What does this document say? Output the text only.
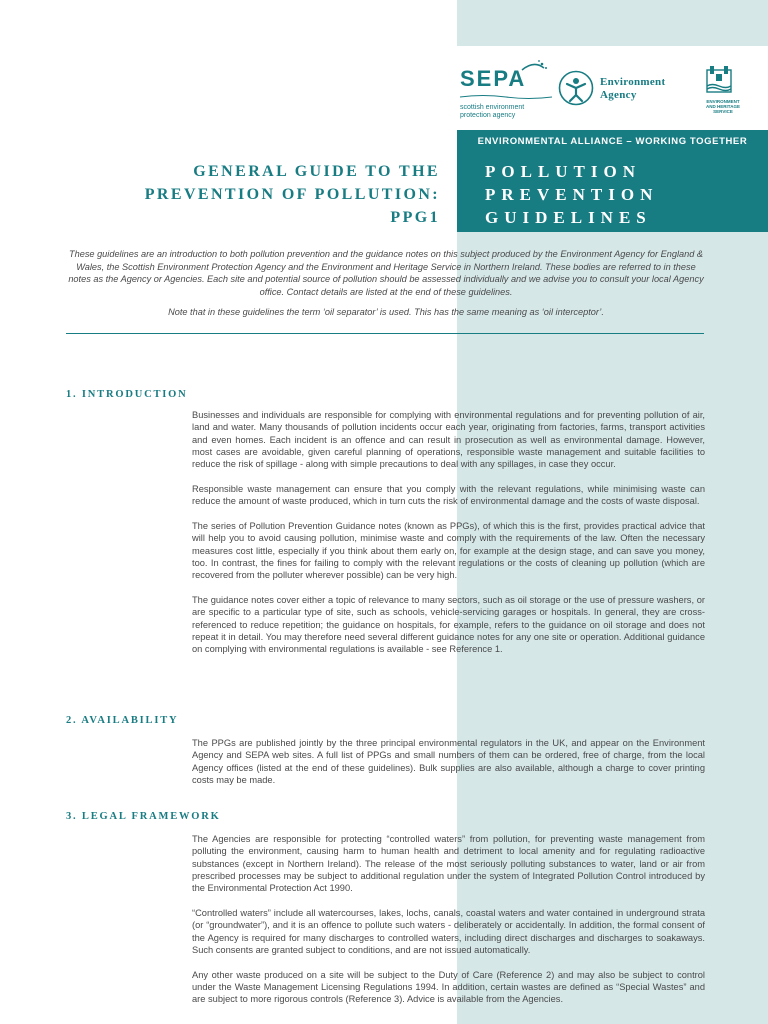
SEPA
scottish environment
protection agency
Environment
Agency
ENVIRONMENT
AND HERITAGE
SERVICE
ENVIRONMENTAL ALLIANCE – WORKING TOGETHER
POLLUTION
PREVENTION
GUIDELINES
GENERAL GUIDE TO THE
PREVENTION OF POLLUTION:
PPG1

These guidelines are an introduction to both pollution prevention and the guidance notes on this subject produced by the Environment Agency for England & Wales, the Scottish Environment Protection Agency and the Environment and Heritage Service in Northern Ireland. These bodies are referred to in these notes as the Agency or Agencies. Each site and potential source of pollution should be assessed individually and we advise you to consult your local Agency office. Contact details are listed at the end of these guidelines.

Note that in these guidelines the term ‘oil separator’ is used. This has the same meaning as ‘oil interceptor’.

1. INTRODUCTION

Businesses and individuals are responsible for complying with environmental regulations and for preventing pollution of air, land and water. Many thousands of pollution incidents occur each year, originating from factories, farms, transport activities and even homes. Each incident is an offence and can result in prosecution as well as environmental damage. However, most cases are avoidable, given careful planning of operations, responsible waste management and suitable facilities to reduce the risk of spillage - along with simple precautions to deal with any spillages, in case they occur.

Responsible waste management can ensure that you comply with the relevant regulations, while minimising waste can reduce the amount of waste produced, which in turn cuts the risk of environmental damage and the costs of waste disposal.

The series of Pollution Prevention Guidance notes (known as PPGs), of which this is the first, provides practical advice that will help you to avoid causing pollution, minimise waste and comply with the requirements of the law. Often the necessary measures cost little, especially if you think about them early on, for example at the design stage, and can save you money, too. In contrast, the fines for failing to comply with the relevant regulations or the costs of cleaning up pollution (which are recovered from the polluter wherever possible) can be very high.

The guidance notes cover either a topic of relevance to many sectors, such as oil storage or the use of pressure washers, or are specific to a particular type of site, such as schools, vehicle-servicing garages or hospitals. In general, they are cross-referenced to reduce repetition; the guidance on hospitals, for example, refers to the guidance on oil storage and does not repeat it in detail. You may therefore need several different guidance notes for any one site or operation. Additional guidance on complying with environmental regulations is available - see Reference 1.

2. AVAILABILITY

The PPGs are published jointly by the three principal environmental regulators in the UK, and appear on the Environment Agency and SEPA web sites. A full list of PPGs and small numbers of them can be ordered, free of charge, from the local Agency offices (listed at the end of these guidelines). Bulk supplies are also available, although a charge to cover printing costs may be made.

3. LEGAL FRAMEWORK

The Agencies are responsible for protecting “controlled waters” from pollution, for preventing waste management from polluting the environment, causing harm to human health and detriment to local amenity and for regulating radioactive substances (except in Northern Ireland). The release of the most seriously polluting substances to water, land or air from prescribed processes may be subject to additional regulation under the system of Integrated Pollution Control introduced by the Environmental Protection Act 1990.

“Controlled waters” include all watercourses, lakes, lochs, canals, coastal waters and water contained in underground strata (or “groundwater”), and it is an offence to pollute such waters - deliberately or accidentally. In addition, the formal consent of the Agency is required for many discharges to controlled waters, including direct discharges and discharges to soakaways. Such consents are granted subject to conditions, and are not issued automatically.

Any other waste produced on a site will be subject to the Duty of Care (Reference 2) and may also be subject to control under the Waste Management Licensing Regulations 1994. In addition, certain wastes are defined as “Special Wastes” and are subject to more rigorous controls (Reference 3). Advice is available from the Agencies.
